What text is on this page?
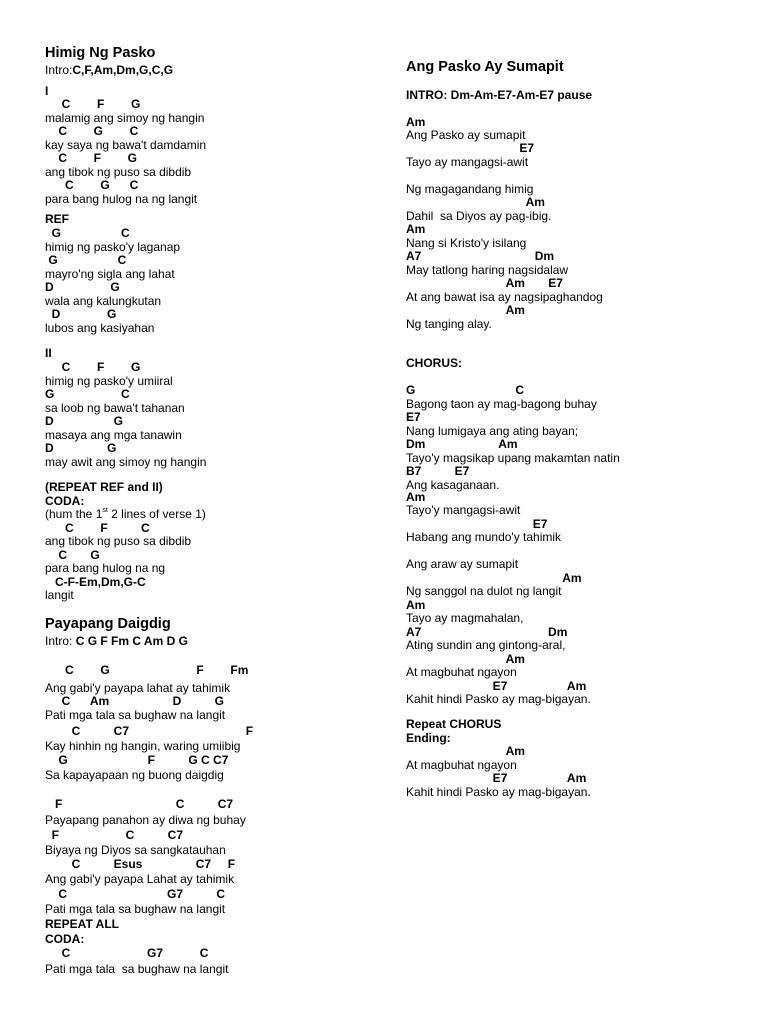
Himig Ng Pasko
Intro:C,F,Am,Dm,G,C,G
I
C        F        G
malamig ang simoy ng hangin
C        G        C
kay saya ng bawa't damdamin
C        F        G
ang tibok ng puso sa dibdib
C        G      C
para bang hulog na ng langit
REF
G                  C
himig ng pasko'y laganap
G                  C
mayro'ng sigla ang lahat
D                 G
wala ang kalungkutan
D              G
lubos ang kasiyahan
II
C        F        G
himig ng pasko'y umiiral
G                    C
sa loob ng bawa't tahanan
D                  G
masaya ang mga tanawin
D                G
may awit ang simoy ng hangin
(REPEAT REF and II)
CODA:
(hum the 1st 2 lines of verse 1)
C        F          C
ang tibok ng puso sa dibdib
C       G
para bang hulog na ng
C-F-Em,Dm,G-C
langit
Payapang Daigdig
Intro: C G F Fm C Am D G
C        G                          F        Fm
Ang gabi'y payapa lahat ay tahimik
C      Am                   D          G
Pati mga tala sa bughaw na langit
C          C7                                   F
Kay hinhin ng hangin, waring umiibig
G                        F          G C C7
Sa kapayapaan ng buong daigdig
F                                  C          C7
Payapang panahon ay diwa ng buhay
F                    C          C7
Biyaya ng Diyos sa sangkatauhan
C          Esus                C7     F
Ang gabi'y payapa Lahat ay tahimik
C                              G7          C
Pati mga tala sa bughaw na langit
REPEAT ALL
CODA:
C                       G7           C
Pati mga tala  sa bughaw na langit
Ang Pasko Ay Sumapit
INTRO: Dm-Am-E7-Am-E7 pause
Am
Ang Pasko ay sumapit
E7
Tayo ay mangagsi-awit
Ng magagandang himig
Am
Dahil  sa Diyos ay pag-ibig.
Am
Nang si Kristo'y isilang
A7                                  Dm
May tatlong haring nagsidalaw
Am       E7
At ang bawat isa ay nagsipaghandog
Am
Ng tanging alay.
CHORUS:
G                              C
Bagong taon ay mag-bagong buhay
E7
Nang lumigaya ang ating bayan;
Dm                      Am
Tayo'y magsikap upang makamtan natin
B7          E7
Ang kasaganaan.
Am
Tayo'y mangagsi-awit
E7
Habang ang mundo'y tahimik
Ang araw ay sumapit
Am
Ng sanggol na dulot ng langit
Am
Tayo ay magmahalan,
A7                                      Dm
Ating sundin ang gintong-aral,
Am
At magbuhat ngayon
E7                  Am
Kahit hindi Pasko ay mag-bigayan.
Repeat CHORUS
Ending:
Am
At magbuhat ngayon
E7                  Am
Kahit hindi Pasko ay mag-bigayan.
